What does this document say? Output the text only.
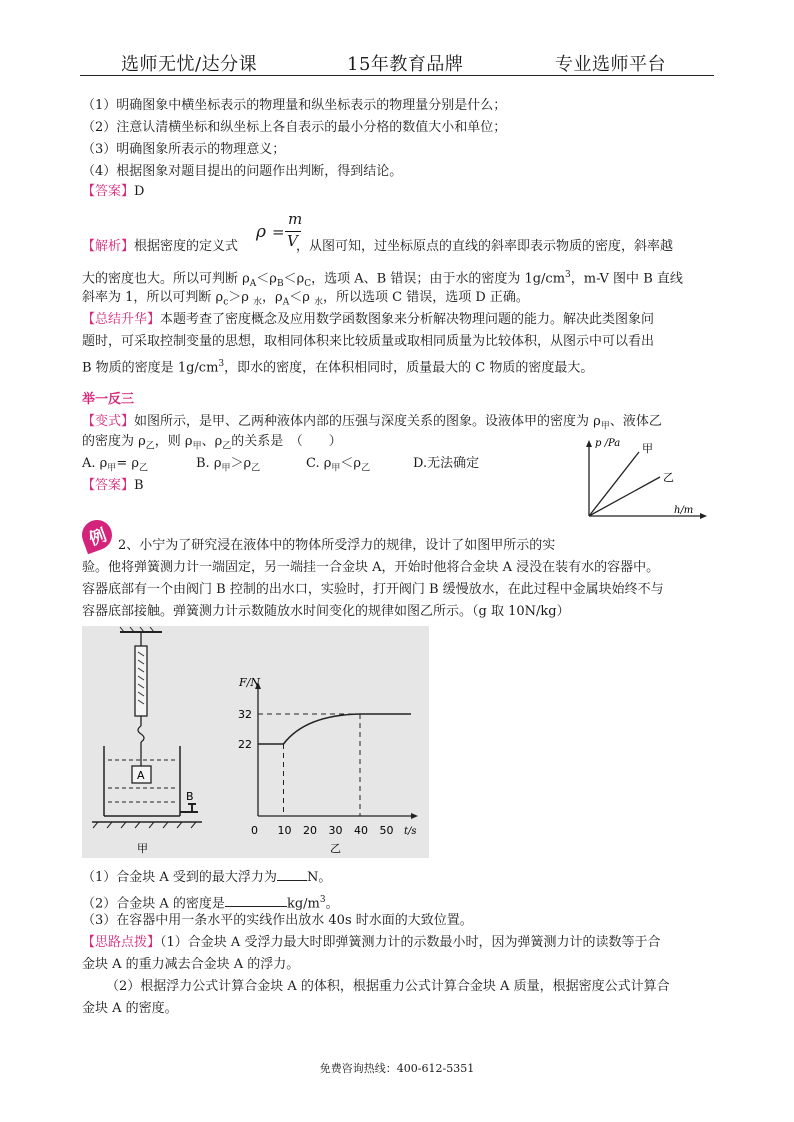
选师无忧/达分课	15年教育品牌	专业选师平台
（1）明确图象中横坐标表示的物理量和纵坐标表示的物理量分别是什么；
（2）注意认清横坐标和纵坐标上各自表示的最小分格的数值大小和单位；
（3）明确图象所表示的物理意义；
（4）根据图象对题目提出的问题作出判断，得到结论。
【答案】D
ρ =
m
V
【解析】根据密度的定义式	，从图可知，过坐标原点的直线的斜率即表示物质的密度，斜率越
大的密度也大。所以可判断 $\rho_A<\rho_B<\rho_C$，选项 A、B 错误；由于水的密度为 $1g/cm^3$，m-V 图中 B 直线
斜率为 1，所以可判断 $\rho_c>\rho$ $_水$，$\rho_A<\rho$ $_水$，所以选项 C 错误，选项 D 正确。
【总结升华】本题考查了密度概念及应用数学函数图象来分析解决物理问题的能力。解决此类图象问
题时，可采取控制变量的思想，取相同体积来比较质量或取相同质量为比较体积，从图示中可以看出
B 物质的密度是 $1g/cm^3$，即水的密度，在体积相同时，质量最大的 C 物质的密度最大。
举一反三
【变式】如图所示，是甲、乙两种液体内部的压强与深度关系的图象。设液体甲的密度为 $\rho_甲$、液体乙
的密度为 $\rho_乙$，则 $\rho_甲$、$\rho_乙$的关系是　（　　）
A. $\rho_甲= \rho_乙$	B. $\rho_甲>\rho_乙$	C. $\rho_甲<\rho_乙$	D.无法确定
【答案】B
p /Pa 甲
乙
h/m
例 2、小宁为了研究浸在液体中的物体所受浮力的规律，设计了如图甲所示的实
验。他将弹簧测力计一端固定，另一端挂一合金块 A，开始时他将合金块 A 浸没在装有水的容器中。
容器底部有一个由阀门 B 控制的出水口，实验时，打开阀门 B 缓慢放水，在此过程中金属块始终不与
容器底部接触。弹簧测力计示数随放水时间变化的规律如图乙所示。（g 取 10N/kg）
A
B
甲
F/N
t/s
乙
22
32
0 10 20 30 40 50
（1）合金块 A 受到的最大浮力为 N。
（2）合金块 A 的密度是	$kg/m^3$。
（3）在容器中用一条水平的实线作出放水 40s 时水面的大致位置。
【思路点拨】（1）合金块 A 受浮力最大时即弹簧测力计的示数最小时，因为弹簧测力计的读数等于合
金块 A 的重力减去合金块 A 的浮力。
（2）根据浮力公式计算合金块 A 的体积，根据重力公式计算合金块 A 质量，根据密度公式计算合
金块 A 的密度。
免费咨询热线：400-612-5351
